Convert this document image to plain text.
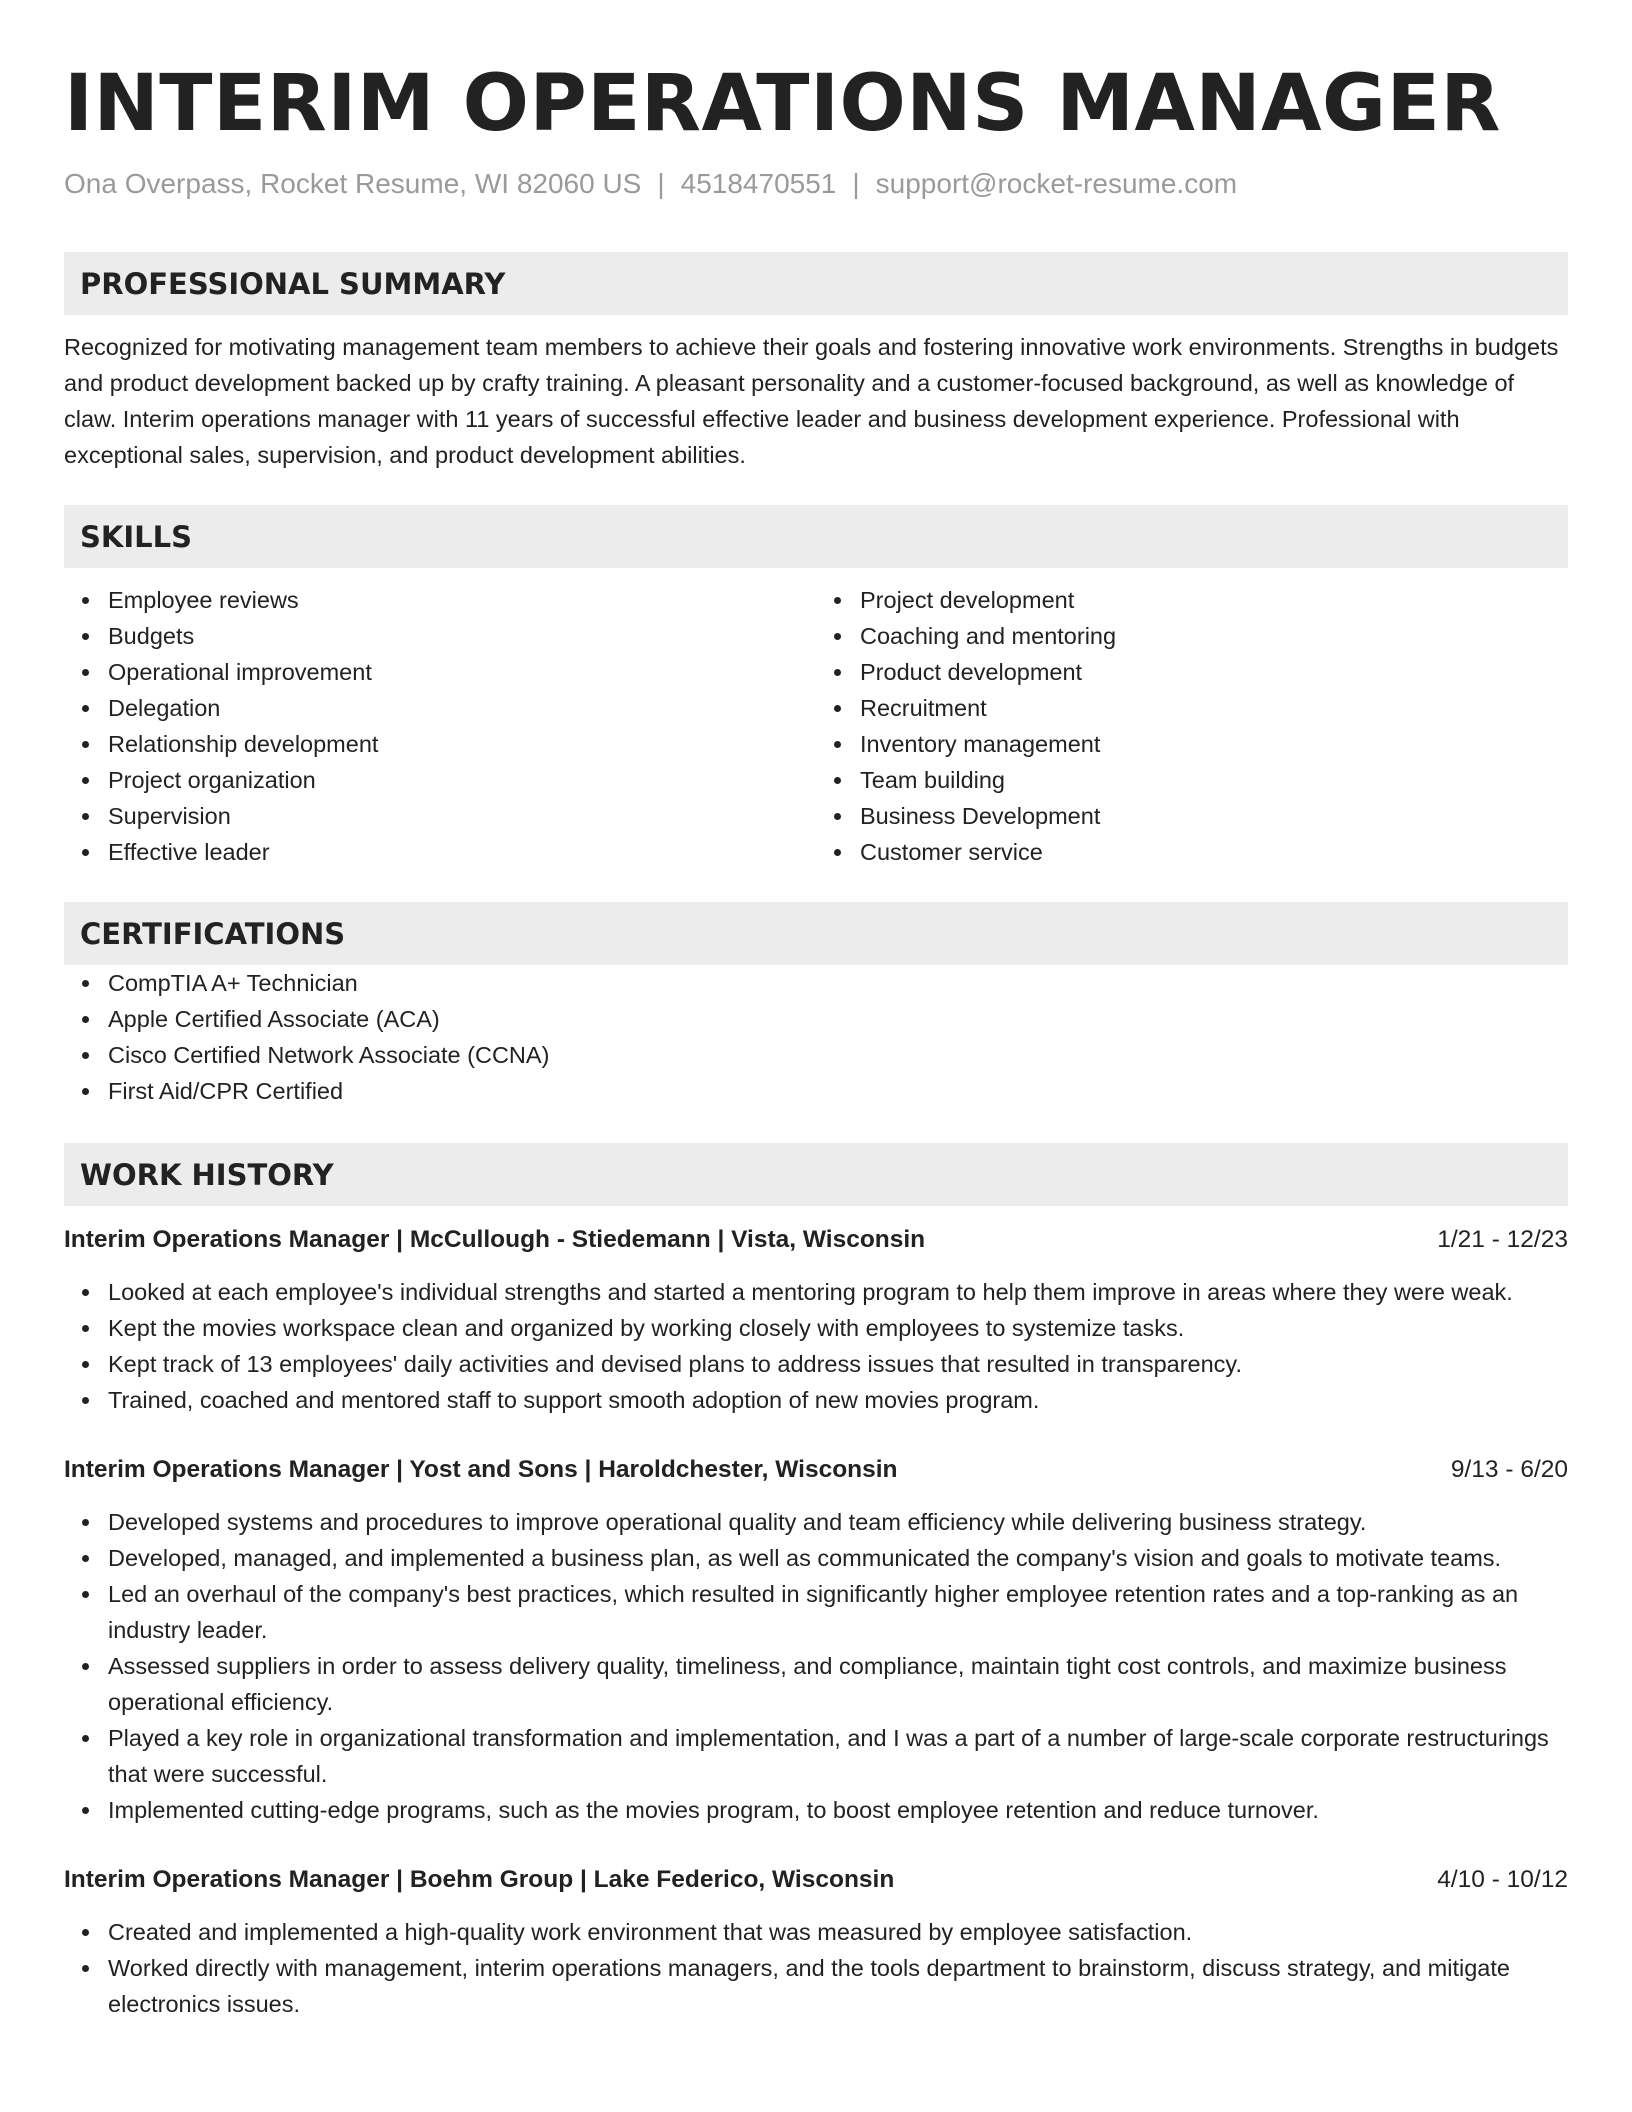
INTERIM OPERATIONS MANAGER
Ona Overpass, Rocket Resume, WI 82060 US | 4518470551 | support@rocket-resume.com
PROFESSIONAL SUMMARY

Recognized for motivating management team members to achieve their goals and fostering innovative work environments. Strengths in budgets and product development backed up by crafty training. A pleasant personality and a customer-focused background, as well as knowledge of claw. Interim operations manager with 11 years of successful effective leader and business development experience. Professional with exceptional sales, supervision, and product development abilities.

SKILLS
Employee reviews
Budgets
Operational improvement
Delegation
Relationship development
Project organization
Supervision
Effective leader
Project development
Coaching and mentoring
Product development
Recruitment
Inventory management
Team building
Business Development
Customer service
CERTIFICATIONS
CompTIA A+ Technician
Apple Certified Associate (ACA)
Cisco Certified Network Associate (CCNA)
First Aid/CPR Certified
WORK HISTORY
Interim Operations Manager | McCullough - Stiedemann | Vista, Wisconsin	1/21 - 12/23
Looked at each employee's individual strengths and started a mentoring program to help them improve in areas where they were weak.
Kept the movies workspace clean and organized by working closely with employees to systemize tasks.
Kept track of 13 employees' daily activities and devised plans to address issues that resulted in transparency.
Trained, coached and mentored staff to support smooth adoption of new movies program.
Interim Operations Manager | Yost and Sons | Haroldchester, Wisconsin	9/13 - 6/20
Developed systems and procedures to improve operational quality and team efficiency while delivering business strategy.
Developed, managed, and implemented a business plan, as well as communicated the company's vision and goals to motivate teams.
Led an overhaul of the company's best practices, which resulted in significantly higher employee retention rates and a top-ranking as an industry leader.
Assessed suppliers in order to assess delivery quality, timeliness, and compliance, maintain tight cost controls, and maximize business operational efficiency.
Played a key role in organizational transformation and implementation, and I was a part of a number of large-scale corporate restructurings that were successful.
Implemented cutting-edge programs, such as the movies program, to boost employee retention and reduce turnover.
Interim Operations Manager | Boehm Group | Lake Federico, Wisconsin	4/10 - 10/12
Created and implemented a high-quality work environment that was measured by employee satisfaction.
Worked directly with management, interim operations managers, and the tools department to brainstorm, discuss strategy, and mitigate electronics issues.
